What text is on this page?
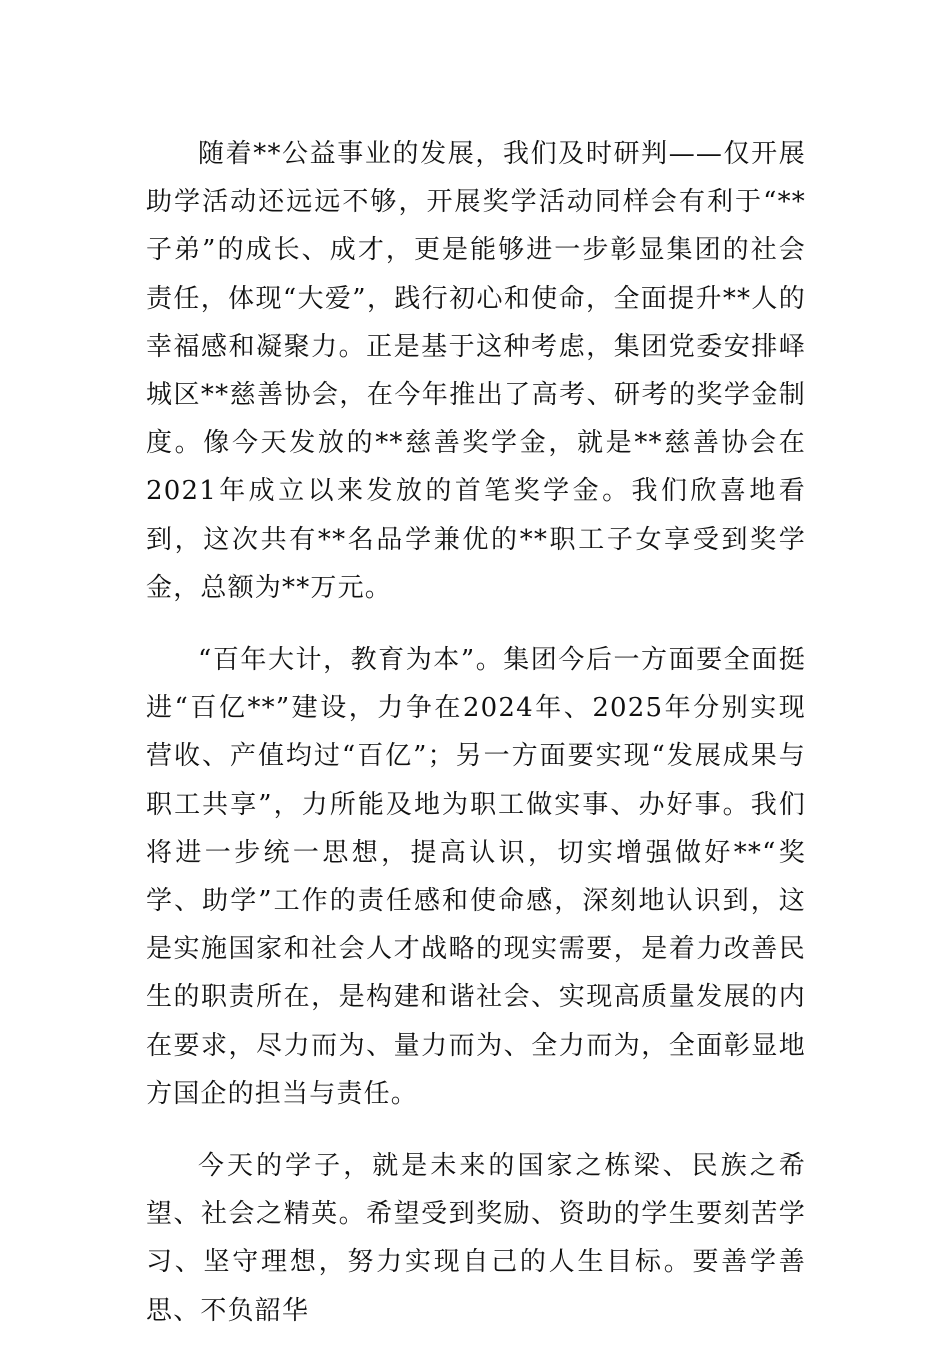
随着**公益事业的发展，我们及时研判——仅开展助学活动还远远不够，开展奖学活动同样会有利于“**子弟”的成长、成才，更是能够进一步彰显集团的社会责任，体现“大爱”，践行初心和使命，全面提升**人的幸福感和凝聚力。正是基于这种考虑，集团党委安排峄城区**慈善协会，在今年推出了高考、研考的奖学金制度。像今天发放的**慈善奖学金，就是**慈善协会在2021年成立以来发放的首笔奖学金。我们欣喜地看到，这次共有**名品学兼优的**职工子女享受到奖学金，总额为**万元。

“百年大计，教育为本”。集团今后一方面要全面挺进“百亿**”建设，力争在2024年、2025年分别实现营收、产值均过“百亿”；另一方面要实现“发展成果与职工共享”，力所能及地为职工做实事、办好事。我们将进一步统一思想，提高认识，切实增强做好**“奖学、助学”工作的责任感和使命感，深刻地认识到，这是实施国家和社会人才战略的现实需要，是着力改善民生的职责所在，是构建和谐社会、实现高质量发展的内在要求，尽力而为、量力而为、全力而为，全面彰显地方国企的担当与责任。

今天的学子，就是未来的国家之栋梁、民族之希望、社会之精英。希望受到奖励、资助的学生要刻苦学习、坚守理想，努力实现自己的人生目标。要善学善思、不负韶华
